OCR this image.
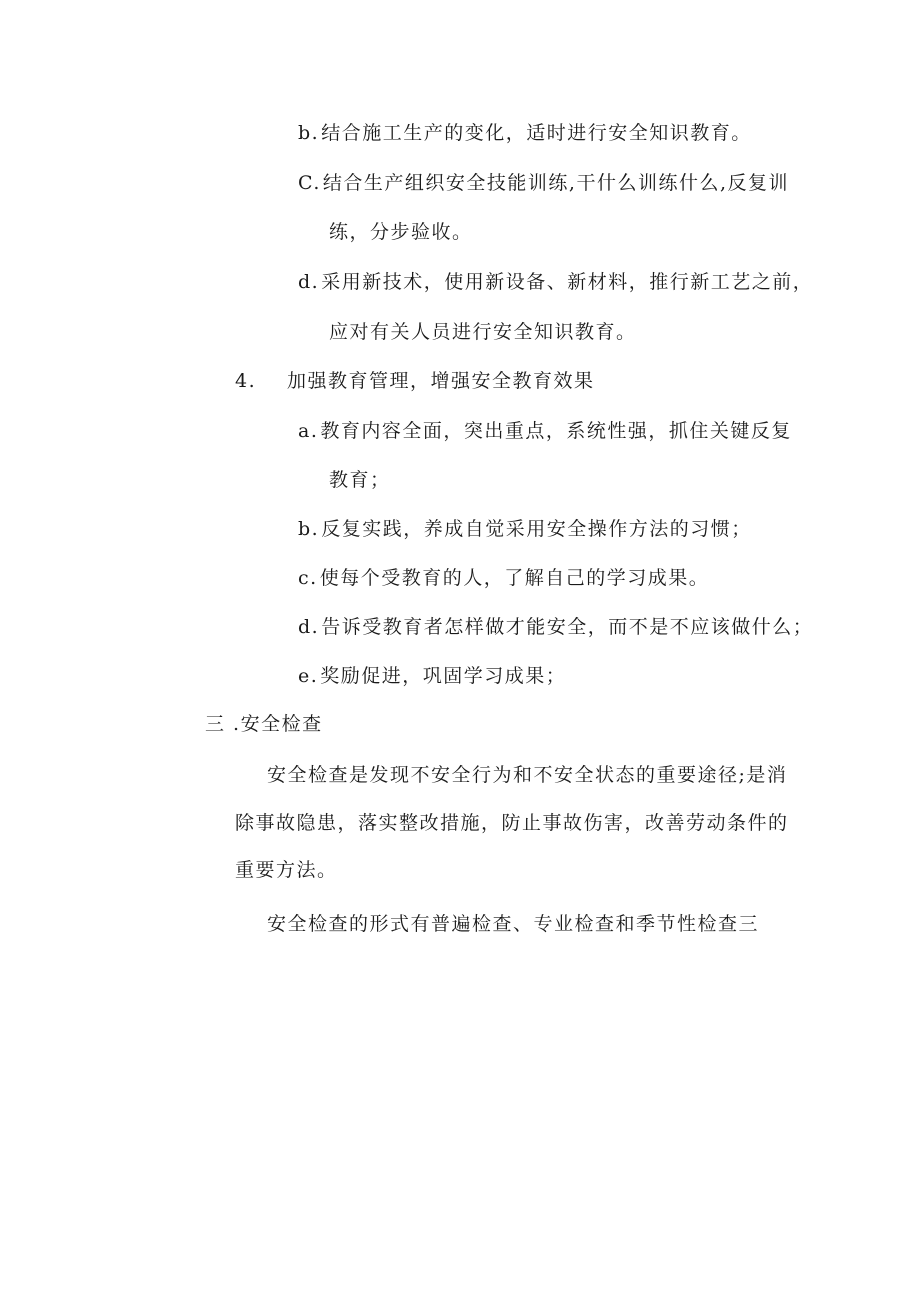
b. 结合施工生产的变化，适时进行安全知识教育。
C. 结合生产组织安全技能训练,干什么训练什么,反复训
练，分步验收。
d. 采用新技术，使用新设备、新材料，推行新工艺之前，
应对有关人员进行安全知识教育。
4. 加强教育管理，增强安全教育效果
a. 教育内容全面，突出重点，系统性强，抓住关键反复
教育；
b. 反复实践，养成自觉采用安全操作方法的习惯；
c. 使每个受教育的人，了解自己的学习成果。
d. 告诉受教育者怎样做才能安全，而不是不应该做什么；
e. 奖励促进，巩固学习成果；
三 .安全检查
安全检查是发现不安全行为和不安全状态的重要途径;是消
除事故隐患，落实整改措施，防止事故伤害，改善劳动条件的
重要方法。
安全检查的形式有普遍检查、专业检查和季节性检查三
